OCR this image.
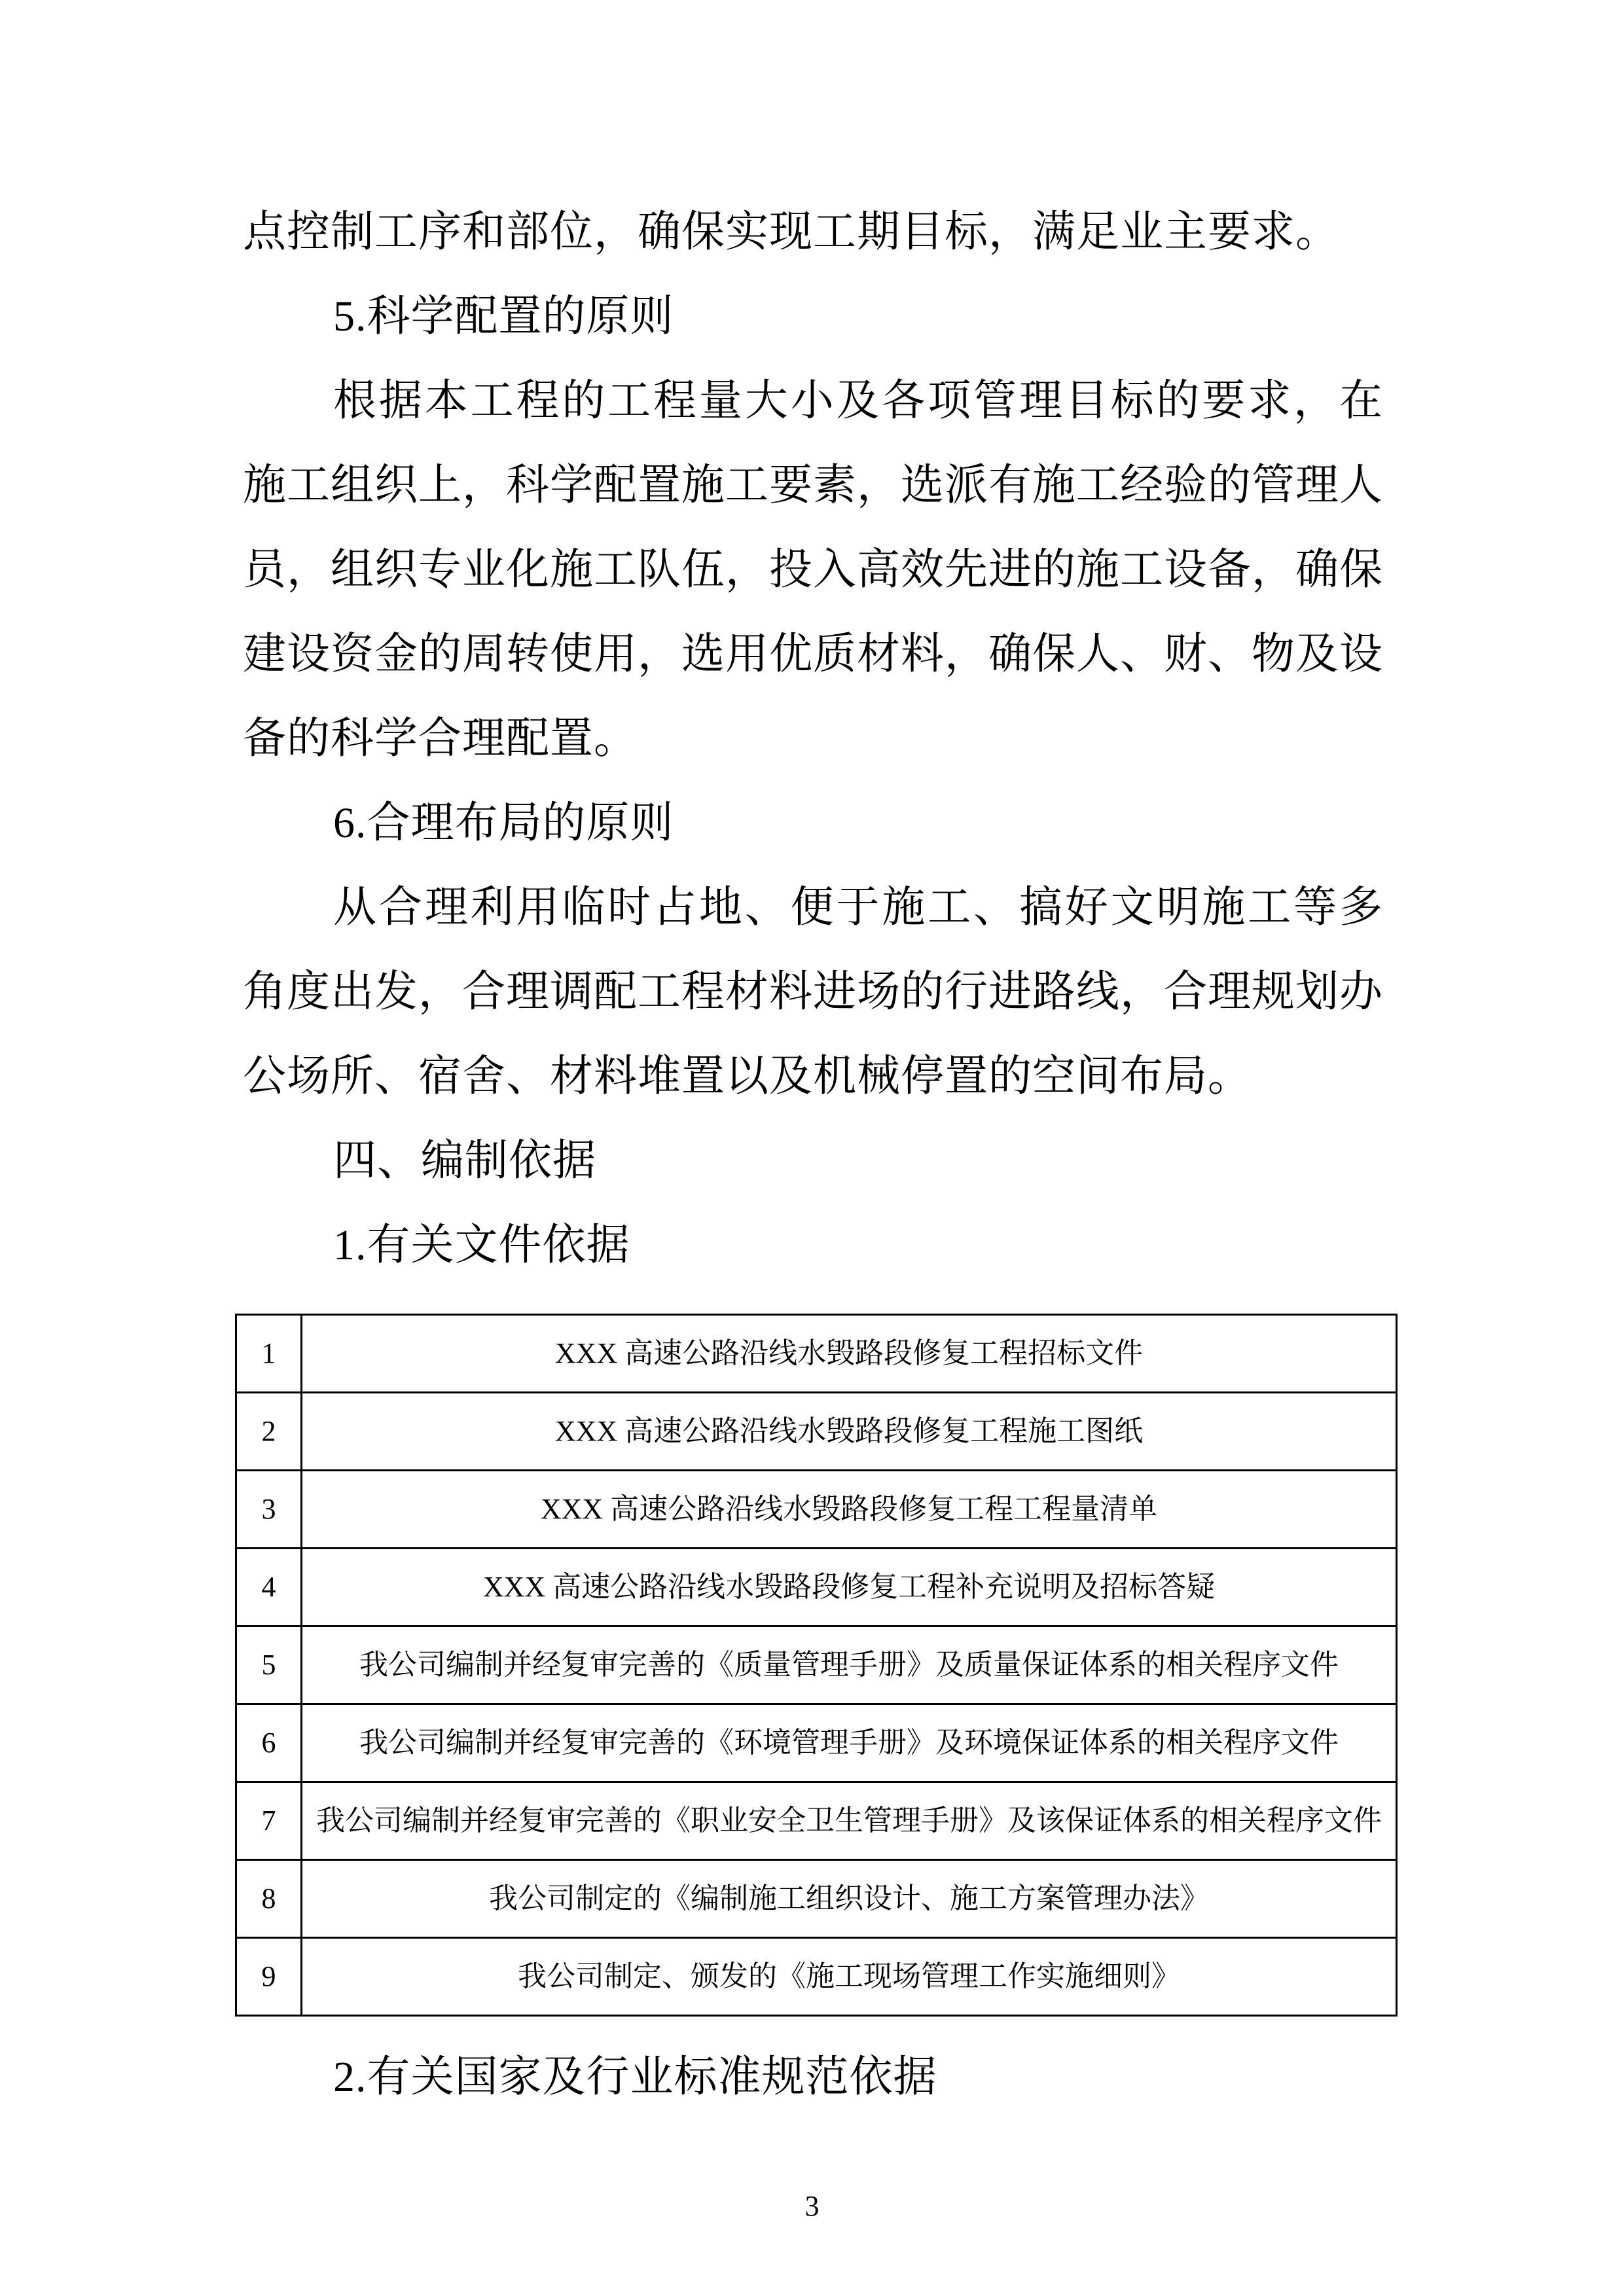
点控制工序和部位，确保实现工期目标，满足业主要求。

5.科学配置的原则

根据本工程的工程量大小及各项管理目标的要求，在施工组织上，科学配置施工要素，选派有施工经验的管理人员，组织专业化施工队伍，投入高效先进的施工设备，确保建设资金的周转使用，选用优质材料，确保人、财、物及设备的科学合理配置。

6.合理布局的原则

从合理利用临时占地、便于施工、搞好文明施工等多角度出发，合理调配工程材料进场的行进路线，合理规划办公场所、宿舍、材料堆置以及机械停置的空间布局。

四、编制依据

1.有关文件依据

1	XXX 高速公路沿线水毁路段修复工程招标文件
2	XXX 高速公路沿线水毁路段修复工程施工图纸
3	XXX 高速公路沿线水毁路段修复工程工程量清单
4	XXX 高速公路沿线水毁路段修复工程补充说明及招标答疑
5	我公司编制并经复审完善的《质量管理手册》及质量保证体系的相关程序文件
6	我公司编制并经复审完善的《环境管理手册》及环境保证体系的相关程序文件
7	我公司编制并经复审完善的《职业安全卫生管理手册》及该保证体系的相关程序文件
8	我公司制定的《编制施工组织设计、施工方案管理办法》
9	我公司制定、颁发的《施工现场管理工作实施细则》

2.有关国家及行业标准规范依据

3
